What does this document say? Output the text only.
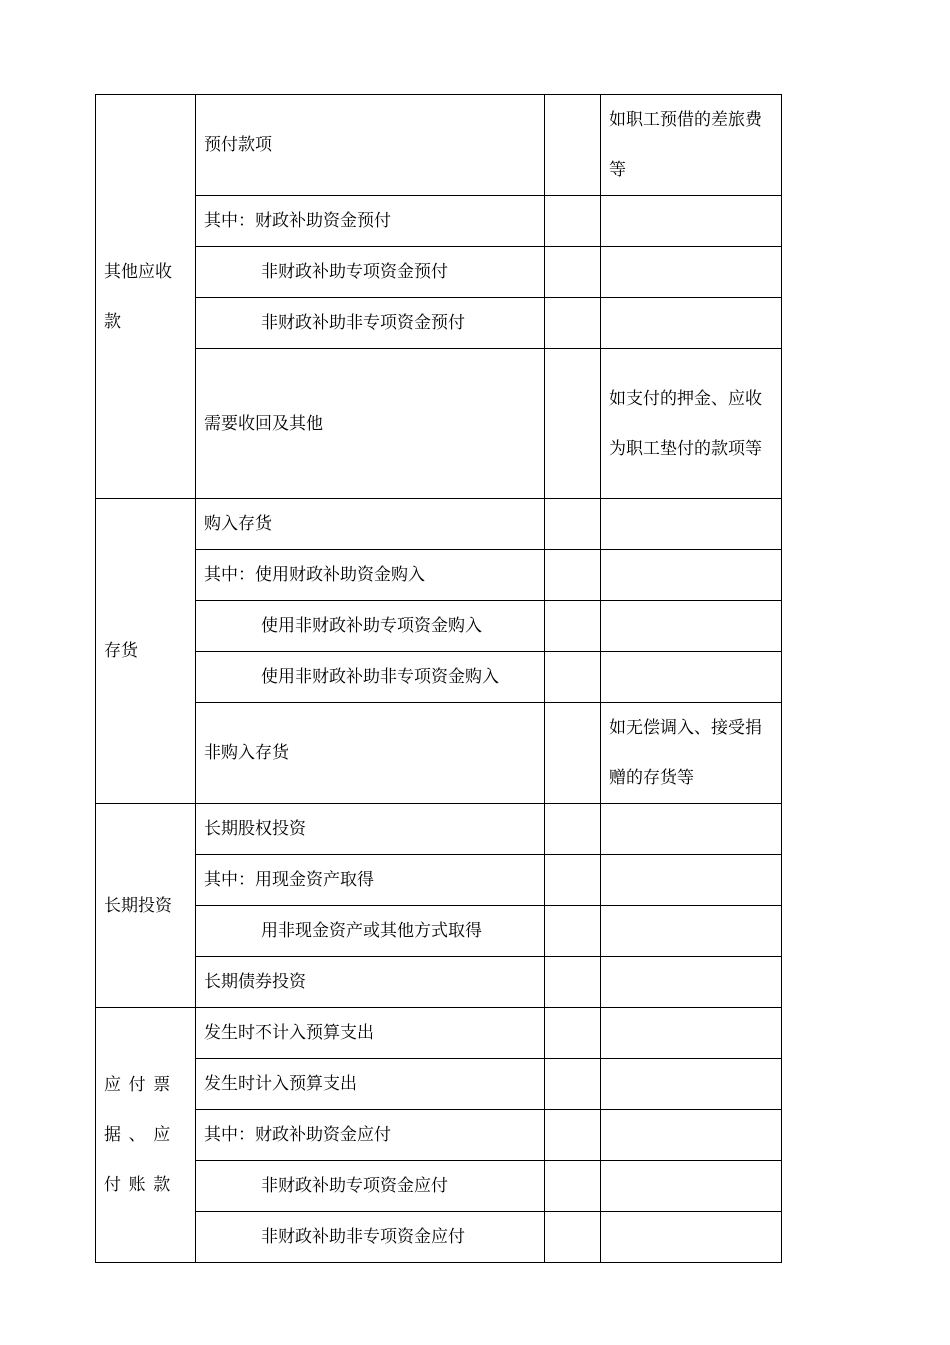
其他应收款	预付款项		如职工预借的差旅费等
	其中：财政补助资金预付		
	非财政补助专项资金预付		
	非财政补助非专项资金预付		
	需要收回及其他		如支付的押金、应收为职工垫付的款项等
存货	购入存货		
	其中：使用财政补助资金购入		
	使用非财政补助专项资金购入		
	使用非财政补助非专项资金购入		
	非购入存货		如无偿调入、接受捐赠的存货等
长期投资	长期股权投资		
	其中：用现金资产取得		
	用非现金资产或其他方式取得		
	长期债券投资		
应付票据、应付账款	发生时不计入预算支出		
	发生时计入预算支出		
	其中：财政补助资金应付		
	非财政补助专项资金应付		
	非财政补助非专项资金应付		
